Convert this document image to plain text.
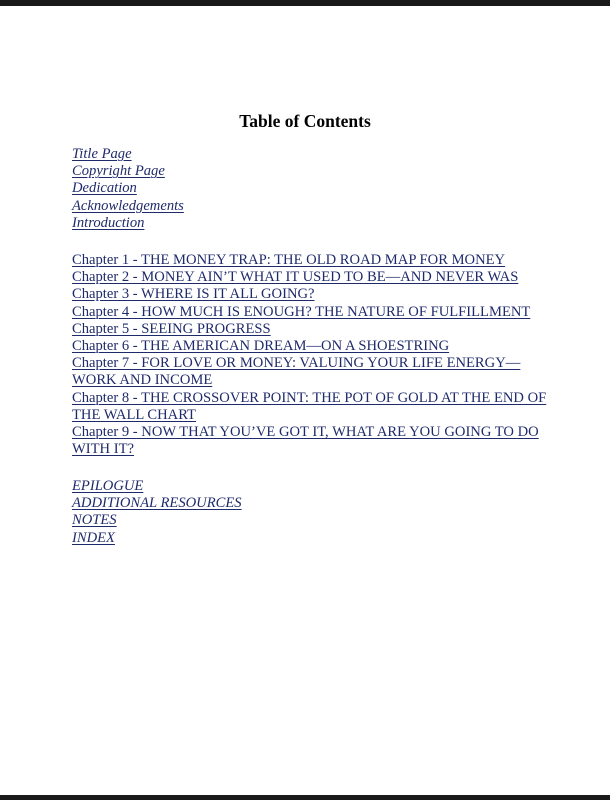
Table of Contents
Title Page
Copyright Page
Dedication
Acknowledgements
Introduction
Chapter 1 - THE MONEY TRAP: THE OLD ROAD MAP FOR MONEY
Chapter 2 - MONEY AIN’T WHAT IT USED TO BE—AND NEVER WAS
Chapter 3 - WHERE IS IT ALL GOING?
Chapter 4 - HOW MUCH IS ENOUGH? THE NATURE OF FULFILLMENT
Chapter 5 - SEEING PROGRESS
Chapter 6 - THE AMERICAN DREAM—ON A SHOESTRING
Chapter 7 - FOR LOVE OR MONEY: VALUING YOUR LIFE ENERGY—WORK AND INCOME
Chapter 8 - THE CROSSOVER POINT: THE POT OF GOLD AT THE END OF THE WALL CHART
Chapter 9 - NOW THAT YOU’VE GOT IT, WHAT ARE YOU GOING TO DO WITH IT?
EPILOGUE
ADDITIONAL RESOURCES
NOTES
INDEX
